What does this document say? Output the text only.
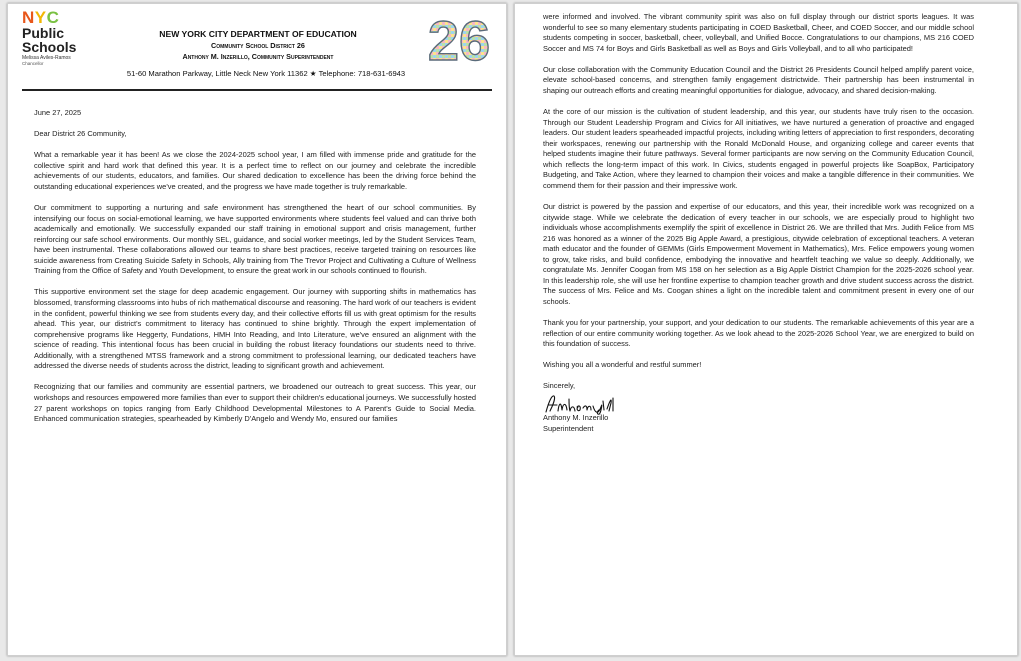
NYC
Public
Schools
Melissa Aviles-Ramos
Chancellor
NEW YORK CITY DEPARTMENT OF EDUCATION
Community School District 26
Anthony M. Inzerillo, Community Superintendent
51-60 Marathon Parkway, Little Neck New York 11362 ★ Telephone: 718-631-6943
26

June 27, 2025

Dear District 26 Community,

What a remarkable year it has been! As we close the 2024-2025 school year, I am filled with immense pride and gratitude for the collective spirit and hard work that defined this year. It is a perfect time to reflect on our journey and celebrate the incredible achievements of our students, educators, and families. Our shared dedication to excellence has been the driving force behind the outstanding educational experiences we've created, and the progress we have made together is truly remarkable.

Our commitment to supporting a nurturing and safe environment has strengthened the heart of our school communities. By intensifying our focus on social-emotional learning, we have supported environments where students feel valued and can thrive both academically and emotionally. We successfully expanded our staff training in emotional support and crisis management, further reinforcing our safe school environments. Our monthly SEL, guidance, and social worker meetings, led by the Student Services Team, have been instrumental. These collaborations allowed our teams to share best practices, receive targeted training on resources like suicide awareness from Creating Suicide Safety in Schools, Ally training from The Trevor Project and Cultivating a Culture of Wellness Training from the Office of Safety and Youth Development, to ensure the great work in our schools continued to flourish.

This supportive environment set the stage for deep academic engagement. Our journey with supporting shifts in mathematics has blossomed, transforming classrooms into hubs of rich mathematical discourse and reasoning. The hard work of our teachers is evident in the confident, powerful thinking we see from students every day, and their collective efforts fill us with great optimism for the results ahead. This year, our district's commitment to literacy has continued to shine brightly. Through the expert implementation of comprehensive programs like Heggerty, Fundations, HMH Into Reading, and Into Literature, we've ensured an alignment with the science of reading. This intentional focus has been crucial in building the robust literacy foundations our students need to thrive. Additionally, with a strengthened MTSS framework and a strong commitment to professional learning, our dedicated teachers have addressed the diverse needs of students across the district, leading to significant growth and achievement.

Recognizing that our families and community are essential partners, we broadened our outreach to great success. This year, our workshops and resources empowered more families than ever to support their children's educational journeys. We successfully hosted 27 parent workshops on topics ranging from Early Childhood Developmental Milestones to A Parent's Guide to Social Media. Enhanced communication strategies, spearheaded by Kimberly D'Angelo and Wendy Mo, ensured our families

were informed and involved. The vibrant community spirit was also on full display through our district sports leagues. It was wonderful to see so many elementary students participating in COED Basketball, Cheer, and COED Soccer, and our middle school students competing in soccer, basketball, cheer, volleyball, and Unified Bocce. Congratulations to our champions, MS 216 COED Soccer and MS 74 for Boys and Girls Basketball as well as Boys and Girls Volleyball, and to all who participated!

Our close collaboration with the Community Education Council and the District 26 Presidents Council helped amplify parent voice, elevate school-based concerns, and strengthen family engagement districtwide. Their partnership has been instrumental in shaping our outreach efforts and creating meaningful opportunities for dialogue, advocacy, and shared decision-making.

At the core of our mission is the cultivation of student leadership, and this year, our students have truly risen to the occasion. Through our Student Leadership Program and Civics for All initiatives, we have nurtured a generation of proactive and engaged leaders. Our student leaders spearheaded impactful projects, including writing letters of appreciation to first responders, decorating their workspaces, renewing our partnership with the Ronald McDonald House, and organizing college and career events that helped students imagine their future pathways. Several former participants are now serving on the Community Education Council, which reflects the long-term impact of this work. In Civics, students engaged in powerful projects like SoapBox, Participatory Budgeting, and Take Action, where they learned to champion their voices and make a tangible difference in their communities. We commend them for their passion and their impressive work.

Our district is powered by the passion and expertise of our educators, and this year, their incredible work was recognized on a citywide stage. While we celebrate the dedication of every teacher in our schools, we are especially proud to highlight two individuals whose accomplishments exemplify the spirit of excellence in District 26. We are thrilled that Mrs. Judith Felice from MS 216 was honored as a winner of the 2025 Big Apple Award, a prestigious, citywide celebration of exceptional teachers. A veteran math educator and the founder of GEMMs (Girls Empowerment Movement in Mathematics), Mrs. Felice empowers young women to grow, take risks, and build confidence, embodying the innovative and heartfelt teaching we value so deeply. Additionally, we congratulate Ms. Jennifer Coogan from MS 158 on her selection as a Big Apple District Champion for the 2025-2026 school year. In this leadership role, she will use her frontline expertise to champion teacher growth and drive student success across the district. The success of Mrs. Felice and Ms. Coogan shines a light on the incredible talent and commitment present in every one of our schools.

Thank you for your partnership, your support, and your dedication to our students. The remarkable achievements of this year are a reflection of our entire community working together. As we look ahead to the 2025-2026 School Year, we are energized to build on this foundation of success.

Wishing you all a wonderful and restful summer!

Sincerely,

Anthony M. Inzerillo

Superintendent
